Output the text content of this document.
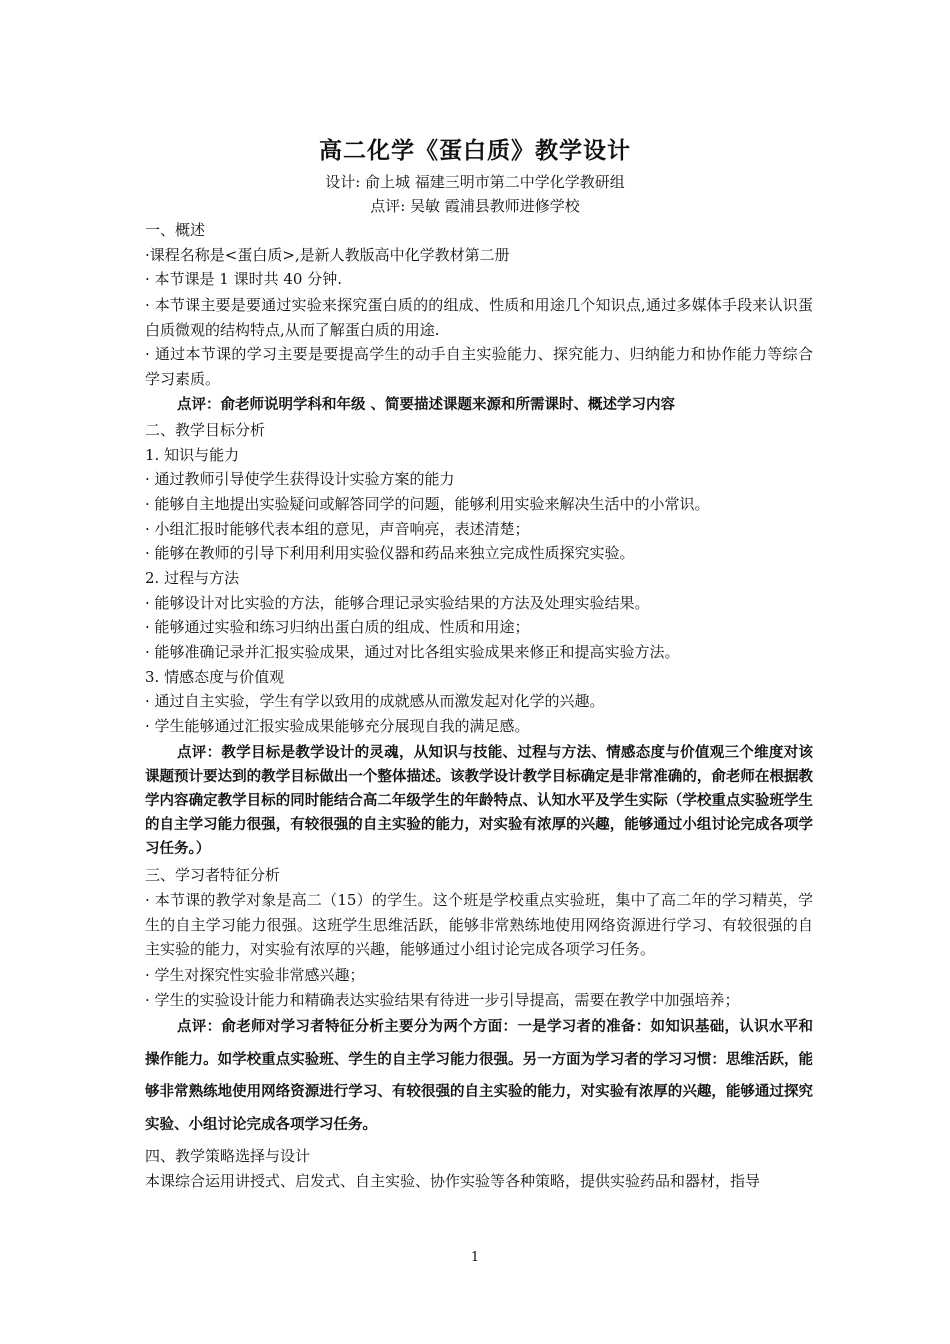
高二化学《蛋白质》教学设计
设计: 俞上城 福建三明市第二中学化学教研组
点评: 吴敏 霞浦县教师进修学校
一、概述
·课程名称是<蛋白质>,是新人教版高中化学教材第二册
· 本节课是 1 课时共 40 分钟.
· 本节课主要是要通过实验来探究蛋白质的的组成、性质和用途几个知识点,通过多媒体手段来认识蛋白质微观的结构特点,从而了解蛋白质的用途.
· 通过本节课的学习主要是要提高学生的动手自主实验能力、探究能力、归纳能力和协作能力等综合学习素质。
点评：俞老师说明学科和年级 、简要描述课题来源和所需课时、概述学习内容
二、教学目标分析
1. 知识与能力
· 通过教师引导使学生获得设计实验方案的能力
· 能够自主地提出实验疑问或解答同学的问题，能够利用实验来解决生活中的小常识。
· 小组汇报时能够代表本组的意见，声音响亮，表述清楚；
· 能够在教师的引导下利用利用实验仪器和药品来独立完成性质探究实验。
2. 过程与方法
· 能够设计对比实验的方法，能够合理记录实验结果的方法及处理实验结果。
· 能够通过实验和练习归纳出蛋白质的组成、性质和用途；
· 能够准确记录并汇报实验成果，通过对比各组实验成果来修正和提高实验方法。
3. 情感态度与价值观
· 通过自主实验，学生有学以致用的成就感从而激发起对化学的兴趣。
· 学生能够通过汇报实验成果能够充分展现自我的满足感。
点评：教学目标是教学设计的灵魂，从知识与技能、过程与方法、情感态度与价值观三个维度对该课题预计要达到的教学目标做出一个整体描述。该教学设计教学目标确定是非常准确的，俞老师在根据教学内容确定教学目标的同时能结合高二年级学生的年龄特点、认知水平及学生实际（学校重点实验班学生的自主学习能力很强，有较很强的自主实验的能力，对实验有浓厚的兴趣，能够通过小组讨论完成各项学习任务。）
三、学习者特征分析
· 本节课的教学对象是高二（15）的学生。这个班是学校重点实验班，集中了高二年的学习精英，学生的自主学习能力很强。这班学生思维活跃，能够非常熟练地使用网络资源进行学习、有较很强的自主实验的能力，对实验有浓厚的兴趣，能够通过小组讨论完成各项学习任务。
· 学生对探究性实验非常感兴趣；
· 学生的实验设计能力和精确表达实验结果有待进一步引导提高，需要在教学中加强培养；
点评：俞老师对学习者特征分析主要分为两个方面：一是学习者的准备：如知识基础，认识水平和操作能力。如学校重点实验班、学生的自主学习能力很强。另一方面为学习者的学习习惯：思维活跃，能够非常熟练地使用网络资源进行学习、有较很强的自主实验的能力，对实验有浓厚的兴趣，能够通过探究实验、小组讨论完成各项学习任务。
四、教学策略选择与设计
本课综合运用讲授式、启发式、自主实验、协作实验等各种策略，提供实验药品和器材，指导
1
